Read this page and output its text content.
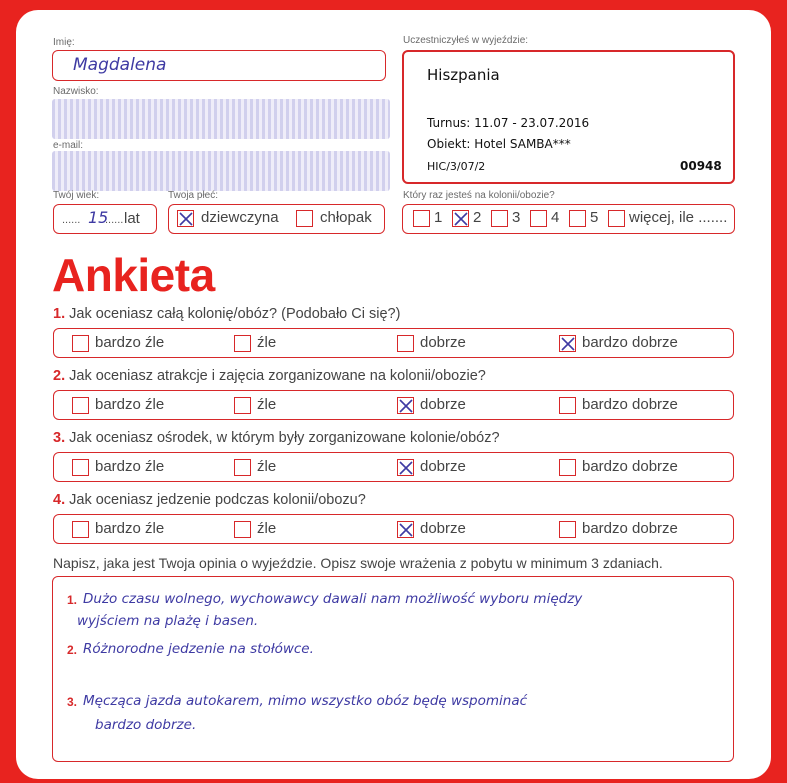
Imię:
Magdalena
Nazwisko:
e-mail:
Uczestniczyłeś w wyjeździe:
Hiszpania
Turnus: 11.07 - 23.07.2016
Obiekt: Hotel SAMBA***
HIC/3/07/2	00948
Twój wiek:
...... 15
...... lat
Twoja płeć:
dziewczyna	chłopak
Który raz jesteś na kolonii/obozie?
1 2 3 4 5 więcej, ile .......
Ankieta
1. Jak oceniasz całą kolonię/obóz? (Podobało Ci się?)
bardzo źle	źle	dobrze	bardzo dobrze
2. Jak oceniasz atrakcje i zajęcia zorganizowane na kolonii/obozie?
bardzo źle	źle	dobrze	bardzo dobrze
3. Jak oceniasz ośrodek, w którym były zorganizowane kolonie/obóz?
bardzo źle	źle	dobrze	bardzo dobrze
4. Jak oceniasz jedzenie podczas kolonii/obozu?
bardzo źle	źle	dobrze	bardzo dobrze
Napisz, jaka jest Twoja opinia o wyjeździe. Opisz swoje wrażenia z pobytu w minimum 3 zdaniach.
1. Dużo czasu wolnego, wychowawcy dawali nam możliwość wyboru między
wyjściem na plażę i basen.
2. Różnorodne jedzenie na stołówce.
3. Męcząca jazda autokarem, mimo wszystko obóz będę wspominać
bardzo dobrze.
